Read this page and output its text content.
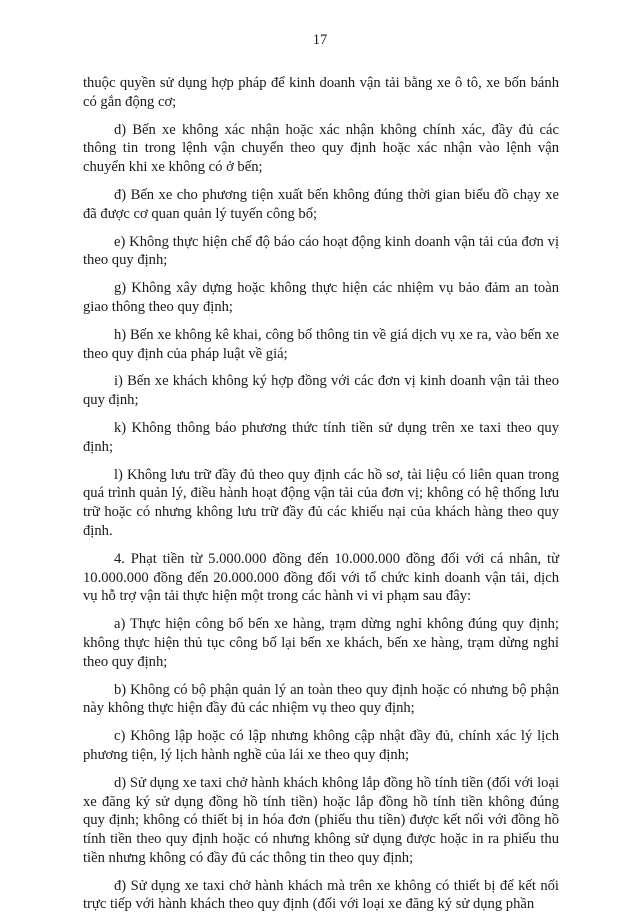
17

thuộc quyền sử dụng hợp pháp để kinh doanh vận tải bằng xe ô tô, xe bốn bánh có gắn động cơ;

d) Bến xe không xác nhận hoặc xác nhận không chính xác, đầy đủ các thông tin trong lệnh vận chuyển theo quy định hoặc xác nhận vào lệnh vận chuyển khi xe không có ở bến;

đ) Bến xe cho phương tiện xuất bến không đúng thời gian biểu đồ chạy xe đã được cơ quan quản lý tuyến công bố;

e) Không thực hiện chế độ báo cáo hoạt động kinh doanh vận tải của đơn vị theo quy định;

g) Không xây dựng hoặc không thực hiện các nhiệm vụ bảo đảm an toàn giao thông theo quy định;

h) Bến xe không kê khai, công bố thông tin về giá dịch vụ xe ra, vào bến xe theo quy định của pháp luật về giá;

i) Bến xe khách không ký hợp đồng với các đơn vị kinh doanh vận tải theo quy định;

k) Không thông báo phương thức tính tiền sử dụng trên xe taxi theo quy định;

l) Không lưu trữ đầy đủ theo quy định các hồ sơ, tài liệu có liên quan trong quá trình quản lý, điều hành hoạt động vận tải của đơn vị; không có hệ thống lưu trữ hoặc có nhưng không lưu trữ đầy đủ các khiếu nại của khách hàng theo quy định.

4. Phạt tiền từ 5.000.000 đồng đến 10.000.000 đồng đối với cá nhân, từ 10.000.000 đồng đến 20.000.000 đồng đối với tổ chức kinh doanh vận tải, dịch vụ hỗ trợ vận tải thực hiện một trong các hành vi vi phạm sau đây:

a) Thực hiện công bố bến xe hàng, trạm dừng nghỉ không đúng quy định; không thực hiện thủ tục công bố lại bến xe khách, bến xe hàng, trạm dừng nghỉ theo quy định;

b) Không có bộ phận quản lý an toàn theo quy định hoặc có nhưng bộ phận này không thực hiện đầy đủ các nhiệm vụ theo quy định;

c) Không lập hoặc có lập nhưng không cập nhật đầy đủ, chính xác lý lịch phương tiện, lý lịch hành nghề của lái xe theo quy định;

d) Sử dụng xe taxi chở hành khách không lắp đồng hồ tính tiền (đối với loại xe đăng ký sử dụng đồng hồ tính tiền) hoặc lắp đồng hồ tính tiền không đúng quy định; không có thiết bị in hóa đơn (phiếu thu tiền) được kết nối với đồng hồ tính tiền theo quy định hoặc có nhưng không sử dụng được hoặc in ra phiếu thu tiền nhưng không có đầy đủ các thông tin theo quy định;

đ) Sử dụng xe taxi chở hành khách mà trên xe không có thiết bị để kết nối trực tiếp với hành khách theo quy định (đối với loại xe đăng ký sử dụng phần
